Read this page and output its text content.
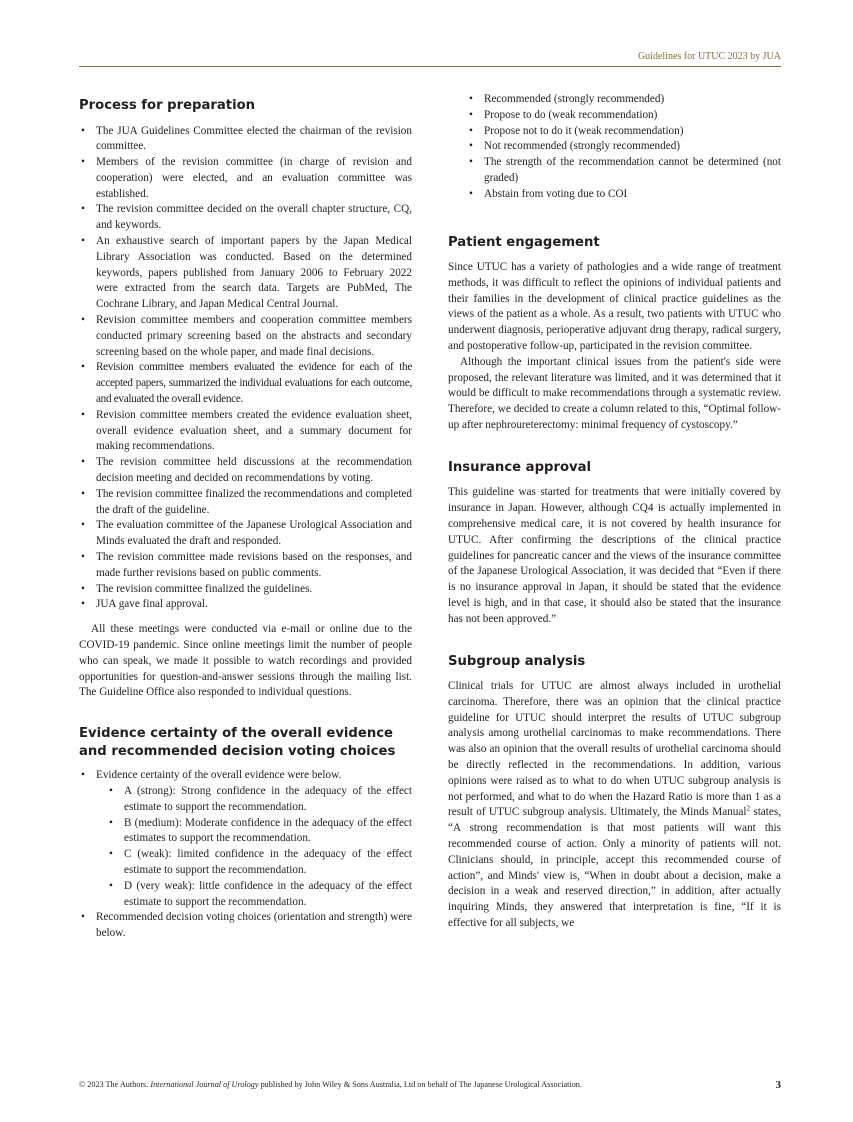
Guidelines for UTUC 2023 by JUA
Process for preparation
• The JUA Guidelines Committee elected the chairman of the revision committee.
• Members of the revision committee (in charge of revision and cooperation) were elected, and an evaluation committee was established.
• The revision committee decided on the overall chapter structure, CQ, and keywords.
• An exhaustive search of important papers by the Japan Medical Library Association was conducted. Based on the determined keywords, papers published from January 2006 to February 2022 were extracted from the search data. Targets are PubMed, The Cochrane Library, and Japan Medical Central Journal.
• Revision committee members and cooperation committee members conducted primary screening based on the abstracts and secondary screening based on the whole paper, and made final decisions.
• Revision committee members evaluated the evidence for each of the accepted papers, summarized the individual evaluations for each outcome, and evaluated the overall evidence.
• Revision committee members created the evidence evaluation sheet, overall evidence evaluation sheet, and a summary document for making recommendations.
• The revision committee held discussions at the recommendation decision meeting and decided on recommendations by voting.
• The revision committee finalized the recommendations and completed the draft of the guideline.
• The evaluation committee of the Japanese Urological Association and Minds evaluated the draft and responded.
• The revision committee made revisions based on the responses, and made further revisions based on public comments.
• The revision committee finalized the guidelines.
• JUA gave final approval.

All these meetings were conducted via e-mail or online due to the COVID-19 pandemic. Since online meetings limit the number of people who can speak, we made it possible to watch recordings and provided opportunities for question-and-answer sessions through the mailing list. The Guideline Office also responded to individual questions.

Evidence certainty of the overall evidence and recommended decision voting choices
• Evidence certainty of the overall evidence were below.
• A (strong): Strong confidence in the adequacy of the effect estimate to support the recommendation.
• B (medium): Moderate confidence in the adequacy of the effect estimates to support the recommendation.
• C (weak): limited confidence in the adequacy of the effect estimate to support the recommendation.
• D (very weak): little confidence in the adequacy of the effect estimate to support the recommendation.
• Recommended decision voting choices (orientation and strength) were below.
• Recommended (strongly recommended)
• Propose to do (weak recommendation)
• Propose not to do it (weak recommendation)
• Not recommended (strongly recommended)
• The strength of the recommendation cannot be determined (not graded)
• Abstain from voting due to COI
Patient engagement

Since UTUC has a variety of pathologies and a wide range of treatment methods, it was difficult to reflect the opinions of individual patients and their families in the development of clinical practice guidelines as the views of the patient as a whole. As a result, two patients with UTUC who underwent diagnosis, perioperative adjuvant drug therapy, radical surgery, and postoperative follow-up, participated in the revision committee.

Although the important clinical issues from the patient's side were proposed, the relevant literature was limited, and it was determined that it would be difficult to make recommendations through a systematic review. Therefore, we decided to create a column related to this, “Optimal follow-up after nephroureterectomy: minimal frequency of cystoscopy.”

Insurance approval

This guideline was started for treatments that were initially covered by insurance in Japan. However, although CQ4 is actually implemented in comprehensive medical care, it is not covered by health insurance for UTUC. After confirming the descriptions of the clinical practice guidelines for pancreatic cancer and the views of the insurance committee of the Japanese Urological Association, it was decided that “Even if there is no insurance approval in Japan, it should be stated that the evidence level is high, and in that case, it should also be stated that the insurance has not been approved.”

Subgroup analysis

Clinical trials for UTUC are almost always included in urothelial carcinoma. Therefore, there was an opinion that the clinical practice guideline for UTUC should interpret the results of UTUC subgroup analysis among urothelial carcinomas to make recommendations. There was also an opinion that the overall results of urothelial carcinoma should be directly reflected in the recommendations. In addition, various opinions were raised as to what to do when UTUC subgroup analysis is not performed, and what to do when the Hazard Ratio is more than 1 as a result of UTUC subgroup analysis. Ultimately, the Minds Manual$^2$ states, “A strong recommendation is that most patients will want this recommended course of action. Only a minority of patients will not. Clinicians should, in principle, accept this recommended course of action”, and Minds' view is, “When in doubt about a decision, make a decision in a weak and reserved direction,” in addition, after actually inquiring Minds, they answered that interpretation is fine, “If it is effective for all subjects, we

© 2023 The Authors. International Journal of Urology published by John Wiley & Sons Australia, Ltd on behalf of The Japanese Urological Association.	3
